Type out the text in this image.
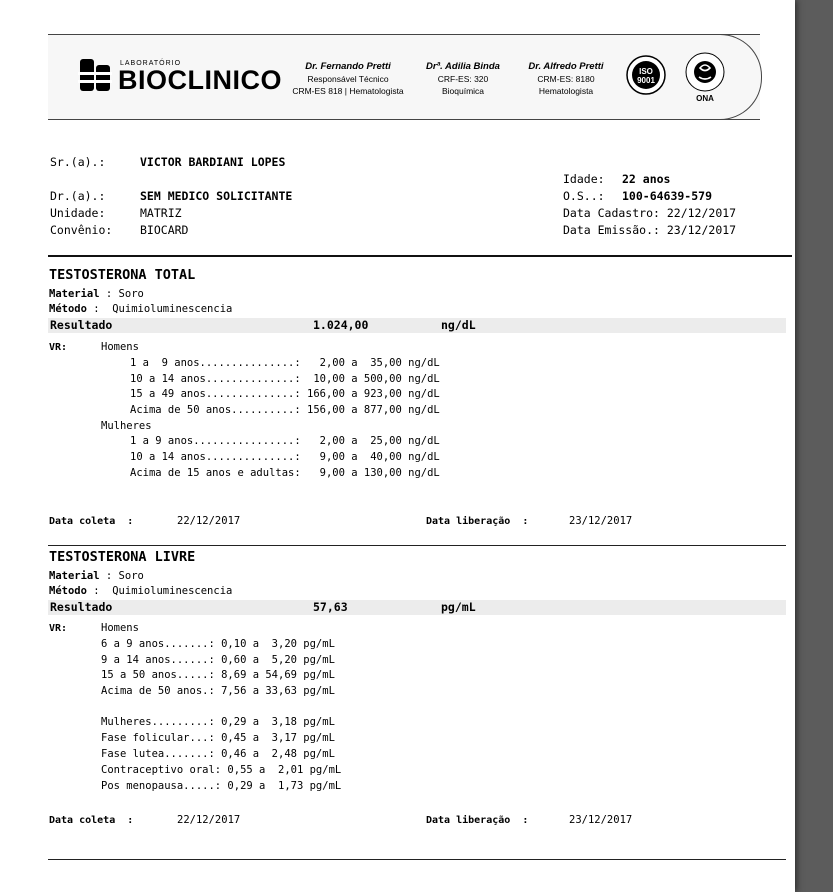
LABORATÓRIO
BIOCLINICO	Dr. Fernando Pretti
Responsável Técnico
CRM-ES 818 | Hematologista
Drª. Adilia Binda
CRF-ES: 320
Bioquímica
Dr. Alfredo Pretti
CRM-ES: 8180
Hematologista
ISO
9001
ONA
Sr.(a).:	VICTOR BARDIANI LOPES
Idade: 22 anos
Dr.(a).:	SEM MEDICO SOLICITANTE	O.S..: 100-64639-579
Unidade:	MATRIZ	Data Cadastro: 22/12/2017
Convênio: BIOCARD	Data Emissão.: 23/12/2017
TESTOSTERONA TOTAL
Material : Soro
Método :  Quimioluminescencia
Resultado	1.024,00	ng/dL
VR:	Homens
1 a  9 anos...............:   2,00 a  35,00 ng/dL
10 a 14 anos..............:  10,00 a 500,00 ng/dL
15 a 49 anos..............: 166,00 a 923,00 ng/dL
Acima de 50 anos..........: 156,00 a 877,00 ng/dL
Mulheres
1 a 9 anos................:   2,00 a  25,00 ng/dL
10 a 14 anos..............:   9,00 a  40,00 ng/dL
Acima de 15 anos e adultas:   9,00 a 130,00 ng/dL
Data coleta  :	22/12/2017	Data liberação  :	23/12/2017
TESTOSTERONA LIVRE
Material : Soro
Método :  Quimioluminescencia
Resultado	57,63	pg/mL
VR:	Homens
6 a 9 anos.......: 0,10 a  3,20 pg/mL
9 a 14 anos......: 0,60 a  5,20 pg/mL
15 a 50 anos.....: 8,69 a 54,69 pg/mL
Acima de 50 anos.: 7,56 a 33,63 pg/mL
Mulheres.........: 0,29 a  3,18 pg/mL
Fase folicular...: 0,45 a  3,17 pg/mL
Fase lutea.......: 0,46 a  2,48 pg/mL
Contraceptivo oral: 0,55 a  2,01 pg/mL
Pos menopausa.....: 0,29 a  1,73 pg/mL
Data coleta  :	22/12/2017	Data liberação  :	23/12/2017
